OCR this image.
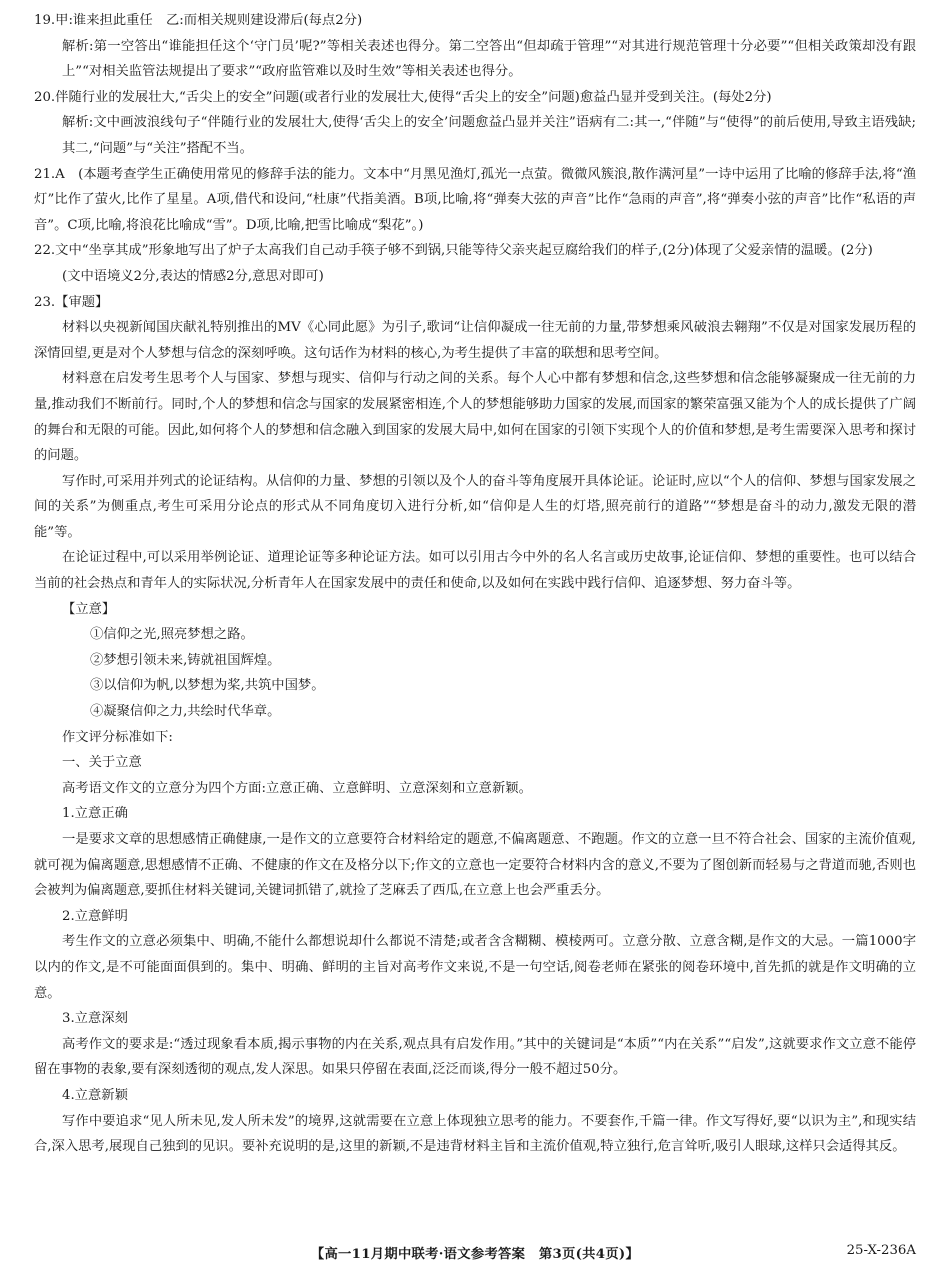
19.甲:谁来担此重任　乙:而相关规则建设滞后(每点2分)

解析:第一空答出“谁能担任这个‘守门员’呢?”等相关表述也得分。第二空答出“但却疏于管理”“对其进行规范管理十分必要”“但相关政策却没有跟上”“对相关监管法规提出了要求”“政府监管难以及时生效”等相关表述也得分。

20.伴随行业的发展壮大,“舌尖上的安全”问题(或者行业的发展壮大,使得“舌尖上的安全”问题)愈益凸显并受到关注。(每处2分)

解析:文中画波浪线句子“伴随行业的发展壮大,使得‘舌尖上的安全’问题愈益凸显并关注”语病有二:其一,“伴随”与“使得”的前后使用,导致主语残缺;其二,“问题”与“关注”搭配不当。

21.A　(本题考查学生正确使用常见的修辞手法的能力。文本中“月黑见渔灯,孤光一点萤。微微风簇浪,散作满河星”一诗中运用了比喻的修辞手法,将“渔灯”比作了萤火,比作了星星。A项,借代和设问,“杜康”代指美酒。B项,比喻,将“弹奏大弦的声音”比作“急雨的声音”,将“弹奏小弦的声音”比作“私语的声音”。C项,比喻,将浪花比喻成“雪”。D项,比喻,把雪比喻成“梨花”。)

22.文中“坐享其成”形象地写出了炉子太高我们自己动手筷子够不到锅,只能等待父亲夹起豆腐给我们的样子,(2分)体现了父爱亲情的温暖。(2分)

(文中语境义2分,表达的情感2分,意思对即可)

23.【审题】

材料以央视新闻国庆献礼特别推出的MV《心同此愿》为引子,歌词“让信仰凝成一往无前的力量,带梦想乘风破浪去翱翔”不仅是对国家发展历程的深情回望,更是对个人梦想与信念的深刻呼唤。这句话作为材料的核心,为考生提供了丰富的联想和思考空间。

材料意在启发考生思考个人与国家、梦想与现实、信仰与行动之间的关系。每个人心中都有梦想和信念,这些梦想和信念能够凝聚成一往无前的力量,推动我们不断前行。同时,个人的梦想和信念与国家的发展紧密相连,个人的梦想能够助力国家的发展,而国家的繁荣富强又能为个人的成长提供了广阔的舞台和无限的可能。因此,如何将个人的梦想和信念融入到国家的发展大局中,如何在国家的引领下实现个人的价值和梦想,是考生需要深入思考和探讨的问题。

写作时,可采用并列式的论证结构。从信仰的力量、梦想的引领以及个人的奋斗等角度展开具体论证。论证时,应以“个人的信仰、梦想与国家发展之间的关系”为侧重点,考生可采用分论点的形式从不同角度切入进行分析,如“信仰是人生的灯塔,照亮前行的道路”“梦想是奋斗的动力,激发无限的潜能”等。

在论证过程中,可以采用举例论证、道理论证等多种论证方法。如可以引用古今中外的名人名言或历史故事,论证信仰、梦想的重要性。也可以结合当前的社会热点和青年人的实际状况,分析青年人在国家发展中的责任和使命,以及如何在实践中践行信仰、追逐梦想、努力奋斗等。

【立意】

①信仰之光,照亮梦想之路。

②梦想引领未来,铸就祖国辉煌。

③以信仰为帆,以梦想为桨,共筑中国梦。

④凝聚信仰之力,共绘时代华章。

作文评分标准如下:

一、关于立意

高考语文作文的立意分为四个方面:立意正确、立意鲜明、立意深刻和立意新颖。

1.立意正确

一是要求文章的思想感情正确健康,一是作文的立意要符合材料给定的题意,不偏离题意、不跑题。作文的立意一旦不符合社会、国家的主流价值观,就可视为偏离题意,思想感情不正确、不健康的作文在及格分以下;作文的立意也一定要符合材料内含的意义,不要为了图创新而轻易与之背道而驰,否则也会被判为偏离题意,要抓住材料关键词,关键词抓错了,就捡了芝麻丢了西瓜,在立意上也会严重丢分。

2.立意鲜明

考生作文的立意必须集中、明确,不能什么都想说却什么都说不清楚;或者含含糊糊、模棱两可。立意分散、立意含糊,是作文的大忌。一篇1000字以内的作文,是不可能面面俱到的。集中、明确、鲜明的主旨对高考作文来说,不是一句空话,阅卷老师在紧张的阅卷环境中,首先抓的就是作文明确的立意。

3.立意深刻

高考作文的要求是:“透过现象看本质,揭示事物的内在关系,观点具有启发作用。”其中的关键词是“本质”“内在关系”“启发”,这就要求作文立意不能停留在事物的表象,要有深刻透彻的观点,发人深思。如果只停留在表面,泛泛而谈,得分一般不超过50分。

4.立意新颖

写作中要追求“见人所未见,发人所未发”的境界,这就需要在立意上体现独立思考的能力。不要套作,千篇一律。作文写得好,要“以识为主”,和现实结合,深入思考,展现自己独到的见识。要补充说明的是,这里的新颖,不是违背材料主旨和主流价值观,特立独行,危言耸听,吸引人眼球,这样只会适得其反。

【高一11月期中联考·语文参考答案　第3页(共4页)】	25-X-236A
